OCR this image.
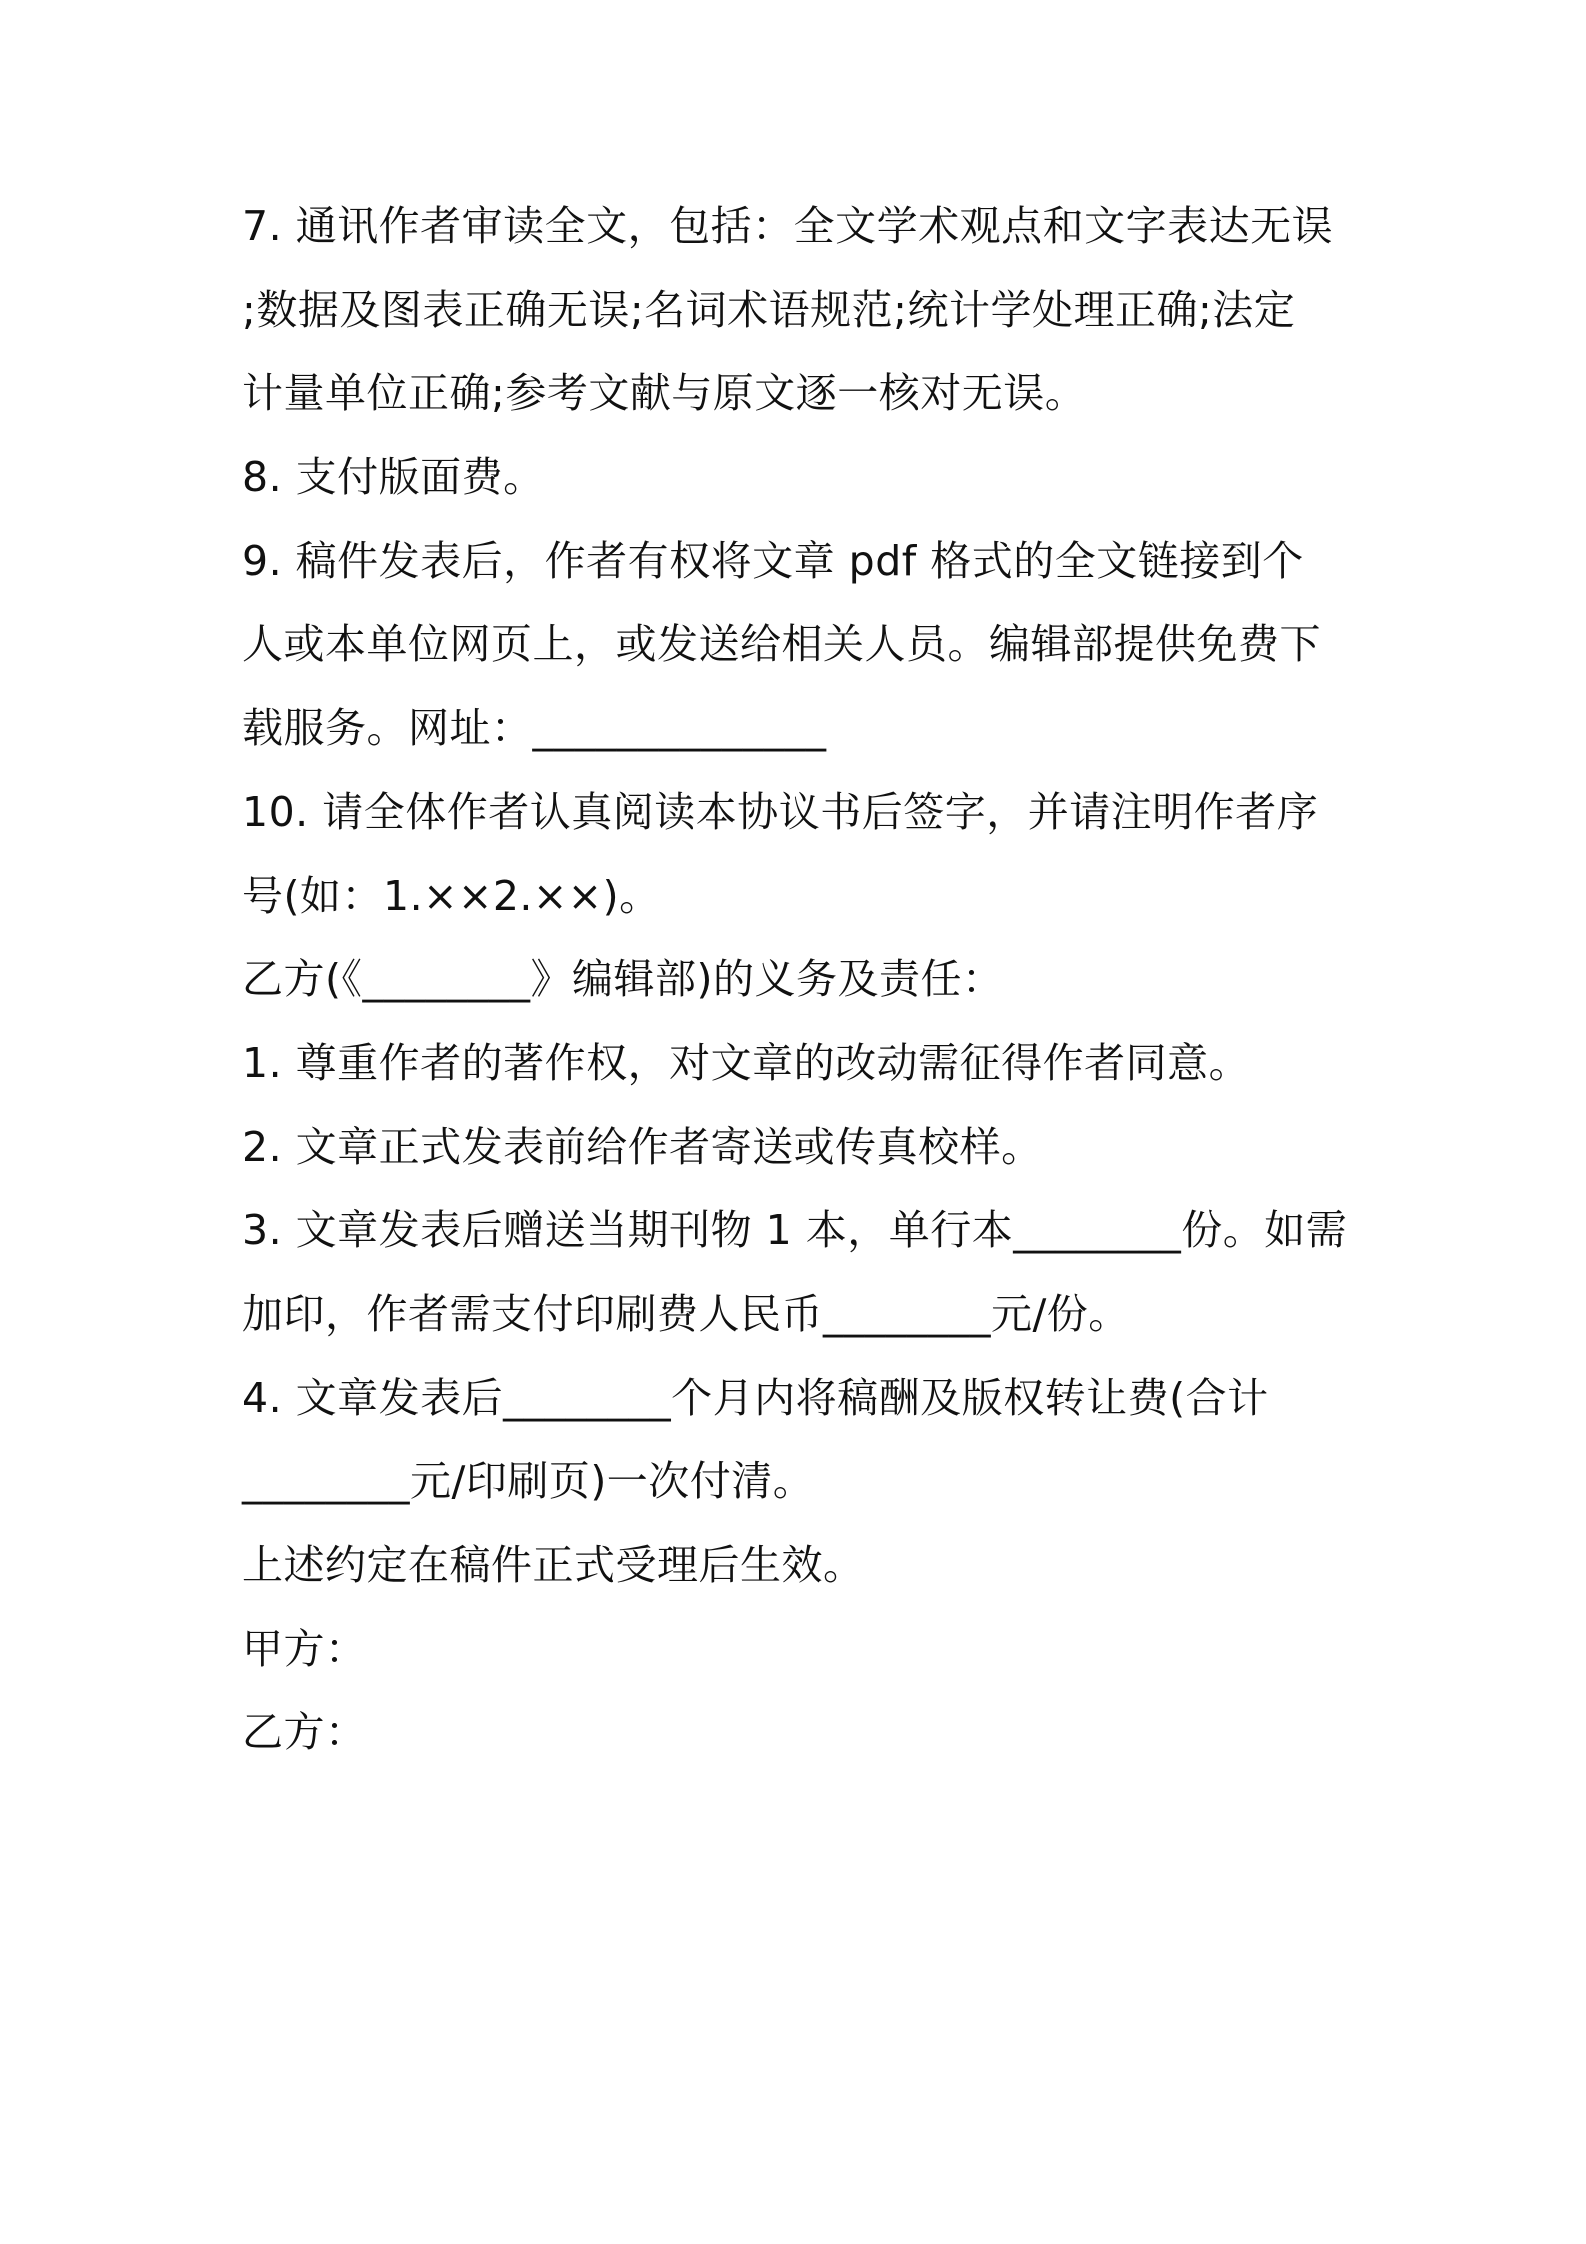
7. 通讯作者审读全文，包括：全文学术观点和文字表达无误
;数据及图表正确无误;名词术语规范;统计学处理正确;法定
计量单位正确;参考文献与原文逐一核对无误。
8. 支付版面费。
9. 稿件发表后，作者有权将文章 pdf 格式的全文链接到个
人或本单位网页上，或发送给相关人员。编辑部提供免费下
载服务。网址：______________
10. 请全体作者认真阅读本协议书后签字，并请注明作者序
号(如：1.××2.××)。
乙方(《________》编辑部)的义务及责任：
1. 尊重作者的著作权，对文章的改动需征得作者同意。
2. 文章正式发表前给作者寄送或传真校样。
3. 文章发表后赠送当期刊物 1 本，单行本________份。如需
加印，作者需支付印刷费人民币________元/份。
4. 文章发表后________个月内将稿酬及版权转让费(合计
________元/印刷页)一次付清。
上述约定在稿件正式受理后生效。
甲方：
乙方：
